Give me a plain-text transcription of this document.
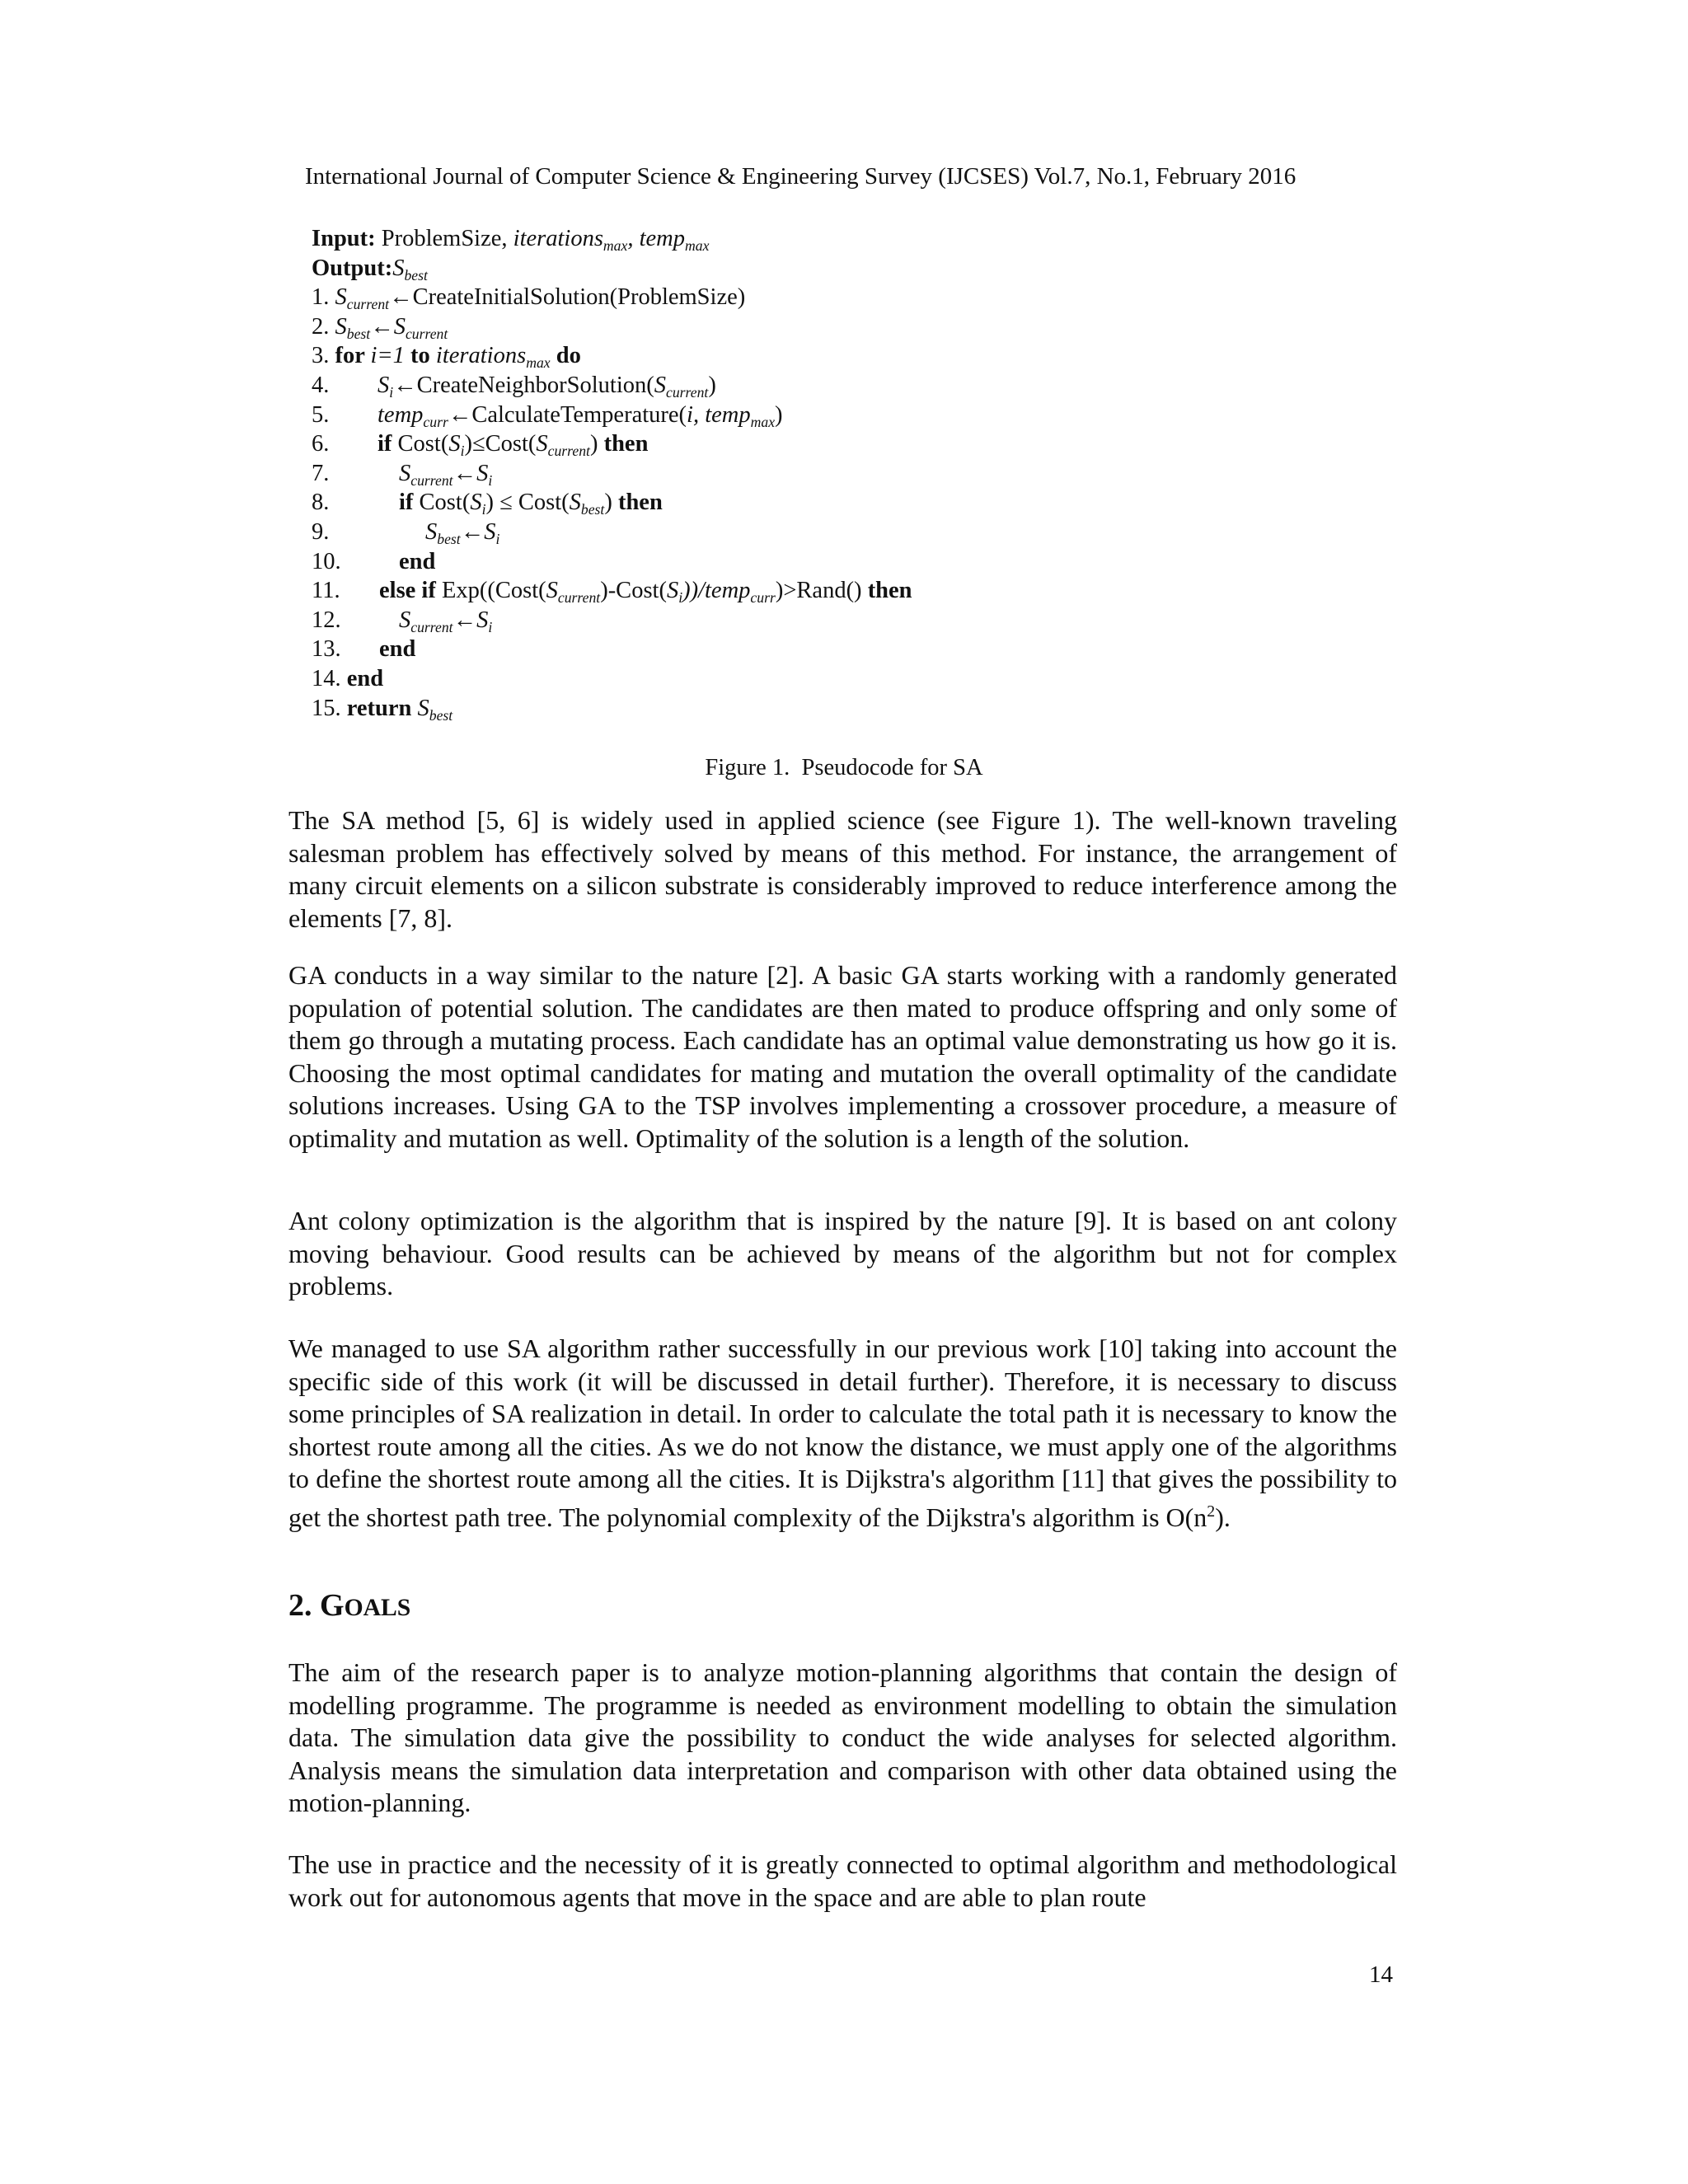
International Journal of Computer Science & Engineering Survey (IJCSES) Vol.7, No.1, February 2016
Input: ProblemSize, iterations$_{max}$, temp$_{max}$
$Output:S_{best}$
1. $S_{current}\leftarrow CreateInitialSolution(ProblemSize)$
2. $S_{best}\leftarrow S_{current}$
3. for i=1 to iterations$_{max}$ do
4. $S_i\leftarrow CreateNeighborSolution(S_{current})$
5. temp$_{curr}$←CalculateTemperature(i, temp$_{max}$)
6. if $Cost(S_i)\le Cost(S_{current})$ then
7.	$S_{current}\leftarrow S_i$
8.	if $Cost(S_i)$ ≤ $Cost(S_{best})$ then
9.	$S_{best}\leftarrow S_i$
10. end
11. else if $Exp((Cost(S_{current})-Cost(S_i))/temp_{curr})>Rand()$ then
12. $S_{current}\leftarrow S_i$
13. end
14. end
15. return $S_{best}$
Figure 1.  Pseudocode for SA

The SA method [5, 6] is widely used in applied science (see Figure 1). The well-known traveling salesman problem has effectively solved by means of this method. For instance, the arrangement of many circuit elements on a silicon substrate is considerably improved to reduce interference among the elements [7, 8].

GA conducts in a way similar to the nature [2]. A basic GA starts working with a randomly generated population of potential solution. The candidates are then mated to produce offspring and only some of them go through a mutating process. Each candidate has an optimal value demonstrating us how go it is. Choosing the most optimal candidates for mating and mutation the overall optimality of the candidate solutions increases. Using GA to the TSP involves implementing a crossover procedure, a measure of optimality and mutation as well. Optimality of the solution is a length of the solution.

Ant colony optimization is the algorithm that is inspired by the nature [9]. It is based on ant colony moving behaviour. Good results can be achieved by means of the algorithm but not for complex problems.

We managed to use SA algorithm rather successfully in our previous work [10] taking into account the specific side of this work (it will be discussed in detail further). Therefore, it is necessary to discuss some principles of SA realization in detail. In order to calculate the total path it is necessary to know the shortest route among all the cities. As we do not know the distance, we must apply one of the algorithms to define the shortest route among all the cities. It is Dijkstra's algorithm [11] that gives the possibility to get the shortest path tree. The polynomial complexity of the Dijkstra's algorithm is $O(n^2)$.

2. GOALS

The aim of the research paper is to analyze motion-planning algorithms that contain the design of modelling programme. The programme is needed as environment modelling to obtain the simulation data. The simulation data give the possibility to conduct the wide analyses for selected algorithm. Analysis means the simulation data interpretation and comparison with other data obtained using the motion-planning.

The use in practice and the necessity of it is greatly connected to optimal algorithm and methodological work out for autonomous agents that move in the space and are able to plan route

14
